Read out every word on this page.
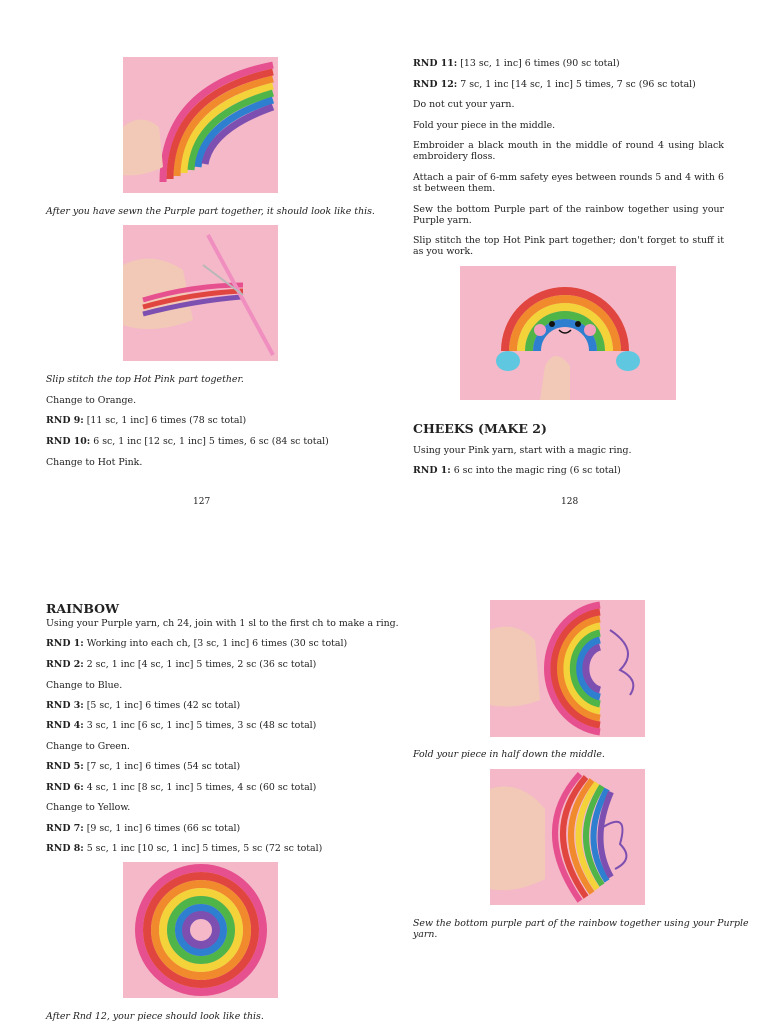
After you have sewn the Purple part together, it should look like this.

Slip stitch the top Hot Pink part together.

Change to Orange.

RND 9: [11 sc, 1 inc] 6 times (78 sc total)

RND 10: 6 sc, 1 inc [12 sc, 1 inc] 5 times, 6 sc (84 sc total)

Change to Hot Pink.

127

RND 11: [13 sc, 1 inc] 6 times (90 sc total)

RND 12: 7 sc, 1 inc [14 sc, 1 inc] 5 times, 7 sc (96 sc total)

Do not cut your yarn.

Fold your piece in the middle.

Embroider a black mouth in the middle of round 4 using black embroidery floss.

Attach a pair of 6-mm safety eyes between rounds 5 and 4 with 6 st between them.

Sew the bottom Purple part of the rainbow together using your Purple yarn.

Slip stitch the top Hot Pink part together; don't forget to stuff it as you work.

CHEEKS (MAKE 2)

Using your Pink yarn, start with a magic ring.

RND 1: 6 sc into the magic ring (6 sc total)

128
RAINBOW

Using your Purple yarn, ch 24, join with 1 sl to the first ch to make a ring.

RND 1: Working into each ch, [3 sc, 1 inc] 6 times (30 sc total)

RND 2: 2 sc, 1 inc [4 sc, 1 inc] 5 times, 2 sc (36 sc total)

Change to Blue.

RND 3: [5 sc, 1 inc] 6 times (42 sc total)

RND 4: 3 sc, 1 inc [6 sc, 1 inc] 5 times, 3 sc (48 sc total)

Change to Green.

RND 5: [7 sc, 1 inc] 6 times (54 sc total)

RND 6: 4 sc, 1 inc [8 sc, 1 inc] 5 times, 4 sc (60 sc total)

Change to Yellow.

RND 7: [9 sc, 1 inc] 6 times (66 sc total)

RND 8: 5 sc, 1 inc [10 sc, 1 inc] 5 times, 5 sc (72 sc total)

After Rnd 12, your piece should look like this.

Fold your piece in half down the middle.

Sew the bottom purple part of the rainbow together using your Purple yarn.
